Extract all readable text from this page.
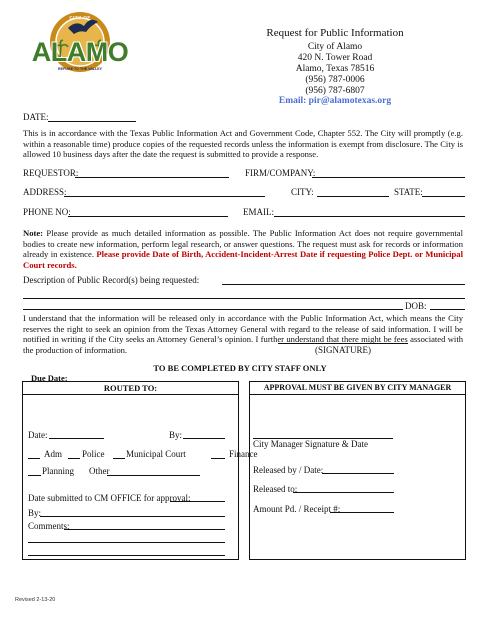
CITY OF
ALAMO
REFUGE TO THE VALLEY
Request for Public Information
City of Alamo
420 N. Tower Road
Alamo, Texas 78516
(956) 787-0006
(956) 787-6807
Email: pir@alamotexas.org
DATE:
This is in accordance with the Texas Public Information Act and Government Code, Chapter 552. The City will promptly (e.g. within a reasonable time) produce copies of the requested records unless the information is exempt from disclosure. The City is allowed 10 business days after the date the request is submitted to provide a response.
REQUESTOR:	FIRM/COMPANY:
ADDRESS:	CITY:	STATE:
PHONE NO:	EMAIL:
Note: Please provide as much detailed information as possible. The Public Information Act does not require governmental bodies to create new information, perform legal research, or answer questions. The request must ask for records or information already in existence. Please provide Date of Birth, Accident-Incident-Arrest Date if requesting Police Dept. or Municipal Court records.
Description of Public Record(s) being requested:
DOB:
I understand that the information will be released only in accordance with the Public Information Act, which means the City reserves the right to seek an opinion from the Texas Attorney General with regard to the release of said information. I will be notified in writing if the City seeks an Attorney General’s opinion. I further understand that there might be fees associated with the production of information.	(SIGNATURE)
TO BE COMPLETED BY CITY STAFF ONLY
Due Date:
ROUTED TO:
Date:	By:
Adm Police Municipal Court	Finance
Planning Other
Date submitted to CM OFFICE for approval:
By:
Comments:
APPROVAL MUST BE GIVEN BY CITY MANAGER
City Manager Signature & Date
Released by / Date:
Released to:
Amount Pd. / Receipt #:
Revised 2-13-20
